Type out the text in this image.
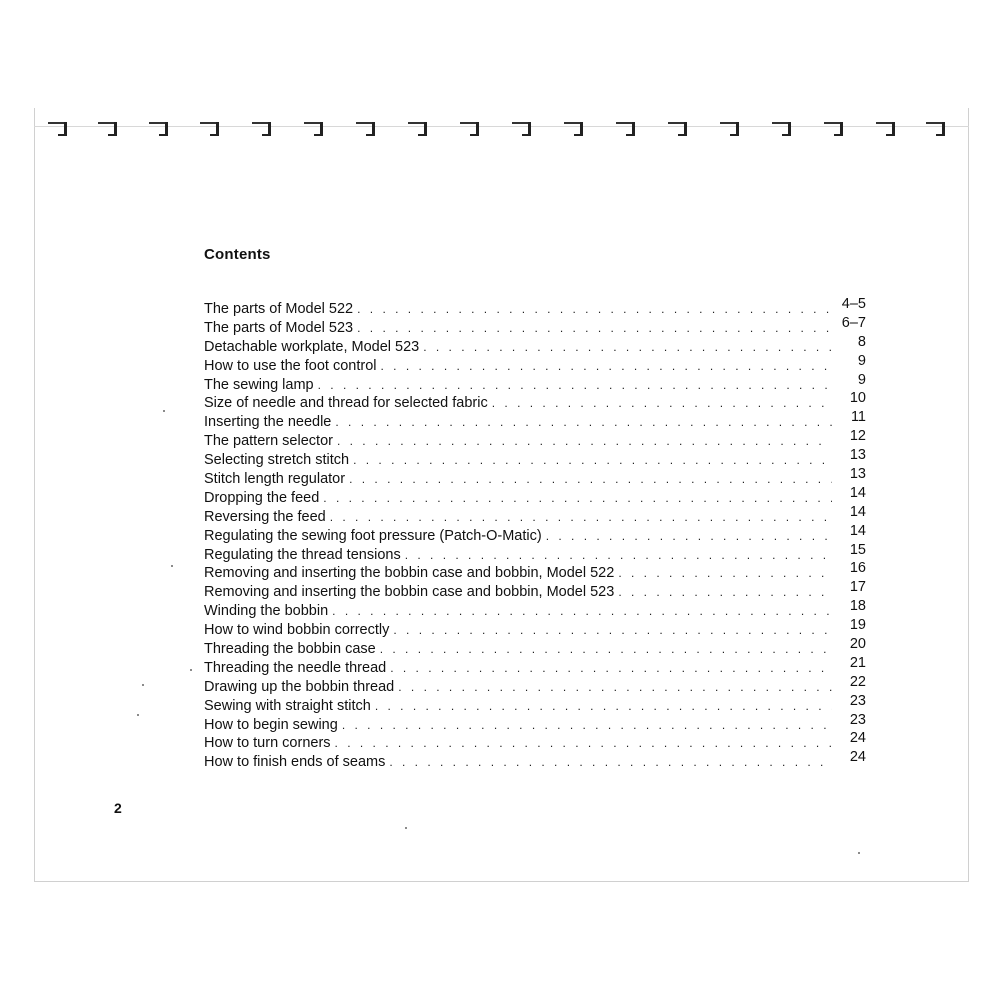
Contents
The parts of Model 522 . . .	4–5
The parts of Model 523 . . .	6–7
Detachable workplate, Model 523 . . .	8
How to use the foot control . . .	9
The sewing lamp . . .	9
Size of needle and thread for selected fabric . . .	10
Inserting the needle . . .	11
The pattern selector . . .	12
Selecting stretch stitch . . .	13
Stitch length regulator . . .	13
Dropping the feed . . .	14
Reversing the feed . . .	14
Regulating the sewing foot pressure (Patch-O-Matic) . . .	14
Regulating the thread tensions . . .	15
Removing and inserting the bobbin case and bobbin, Model 522 . . .	16
Removing and inserting the bobbin case and bobbin, Model 523 . . .	17
Winding the bobbin . . .	18
How to wind bobbin correctly . . .	19
Threading the bobbin case . . .	20
Threading the needle thread . . .	21
Drawing up the bobbin thread . . .	22
Sewing with straight stitch . . .	23
How to begin sewing . . .	23
How to turn corners . . .	24
How to finish ends of seams . . .	24
2
